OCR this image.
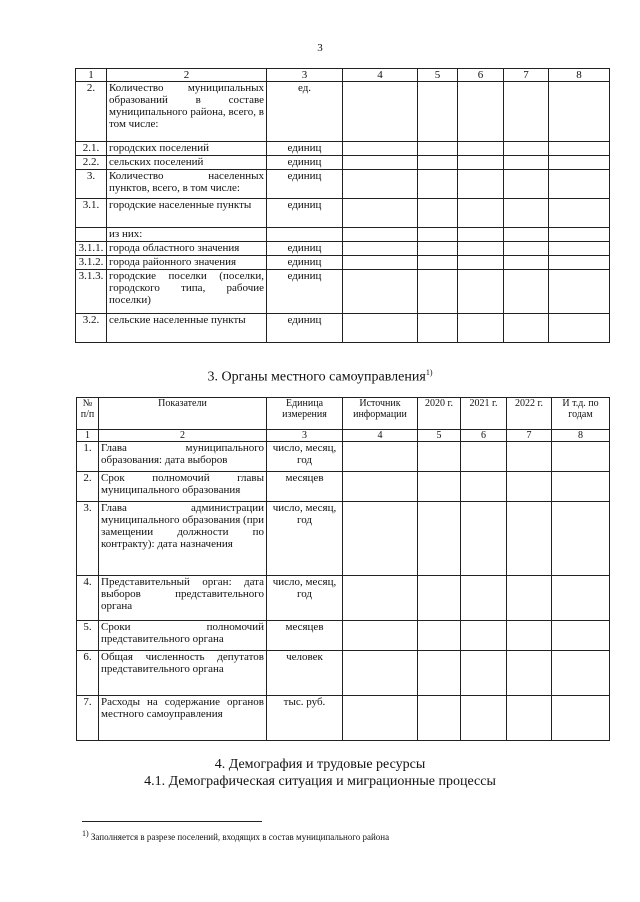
3
1	2	3	4	5	6	7	8
2.	Количество муниципальных образований в составе муниципального района, всего, в том числе:	ед.					
2.1.	городских поселений	единиц					
2.2.	сельских поселений	единиц					
3.	Количество населенных пунктов, всего, в том числе:	единиц					
3.1.	городские населенные пункты	единиц					
	из них:						
3.1.1.	города областного значения	единиц					
3.1.2.	города районного значения	единиц					
3.1.3.	городские поселки (поселки, городского типа, рабочие поселки)	единиц					
3.2.	сельские населенные пункты	единиц					
3. Органы местного самоуправления$^{1)}$
№ п/п	Показатели	Единица измерения	Источник информации	2020 г.	2021 г.	2022 г.	И т.д. по годам
1	2	3	4	5	6	7	8
1.	Глава муниципального образования: дата выборов	число, месяц, год					
2.	Срок полномочий главы муниципального образования	месяцев					
3.	Глава администрации муниципального образования (при замещении должности по контракту): дата назначения	число, месяц, год					
4.	Представительный орган: дата выборов представительного органа	число, месяц, год					
5.	Сроки полномочий представительного органа	месяцев					
6.	Общая численность депутатов представительного органа	человек					
7.	Расходы на содержание органов местного самоуправления	тыс. руб.					
4. Демография и трудовые ресурсы
4.1. Демографическая ситуация и миграционные процессы
1) Заполняется в разрезе поселений, входящих в состав муниципального района
